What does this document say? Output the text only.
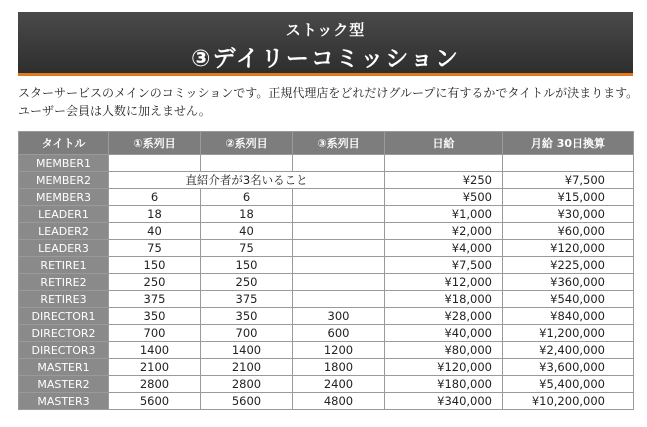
ストック型
③デイリーコミッション
スターサービスのメインのコミッションです。正規代理店をどれだけグループに有するかでタイトルが決まります。
ユーザー会員は人数に加えません。
タイトル	①系列目	②系列目	③系列目	日給	月給 30日換算
MEMBER1					
MEMBER2	直紹介者が3名いること			¥250	¥7,500
MEMBER3	6	6		¥500	¥15,000
LEADER1	18	18		¥1,000	¥30,000
LEADER2	40	40		¥2,000	¥60,000
LEADER3	75	75		¥4,000	¥120,000
RETIRE1	150	150		¥7,500	¥225,000
RETIRE2	250	250		¥12,000	¥360,000
RETIRE3	375	375		¥18,000	¥540,000
DIRECTOR1	350	350	300	¥28,000	¥840,000
DIRECTOR2	700	700	600	¥40,000	¥1,200,000
DIRECTOR3	1400	1400	1200	¥80,000	¥2,400,000
MASTER1	2100	2100	1800	¥120,000	¥3,600,000
MASTER2	2800	2800	2400	¥180,000	¥5,400,000
MASTER3	5600	5600	4800	¥340,000	¥10,200,000
